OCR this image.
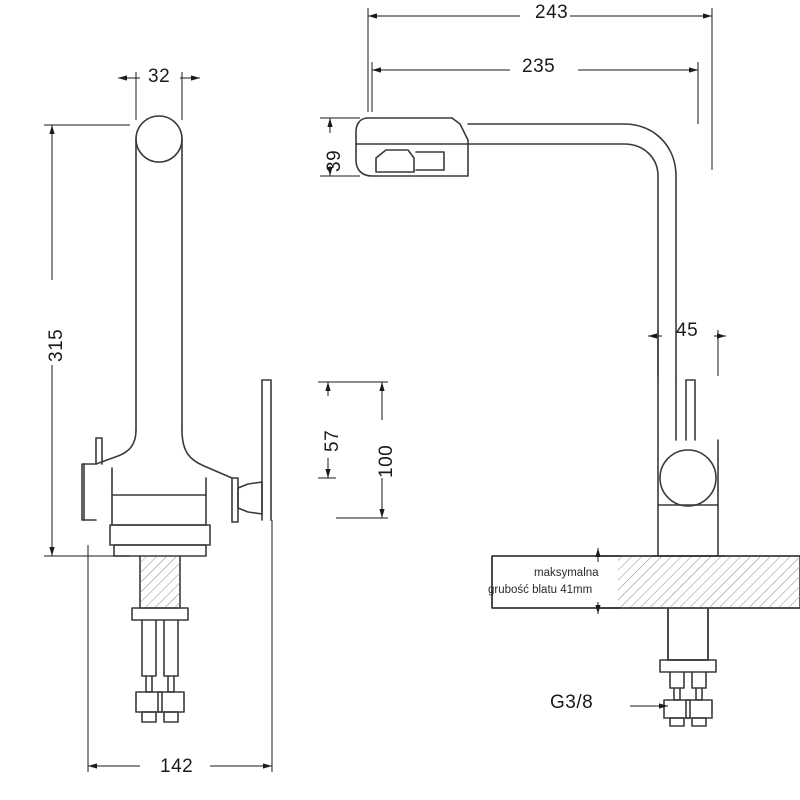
243
235
32
39
315
57
100
45
142
G3/8
maksymalna
grubość blatu 41mm
